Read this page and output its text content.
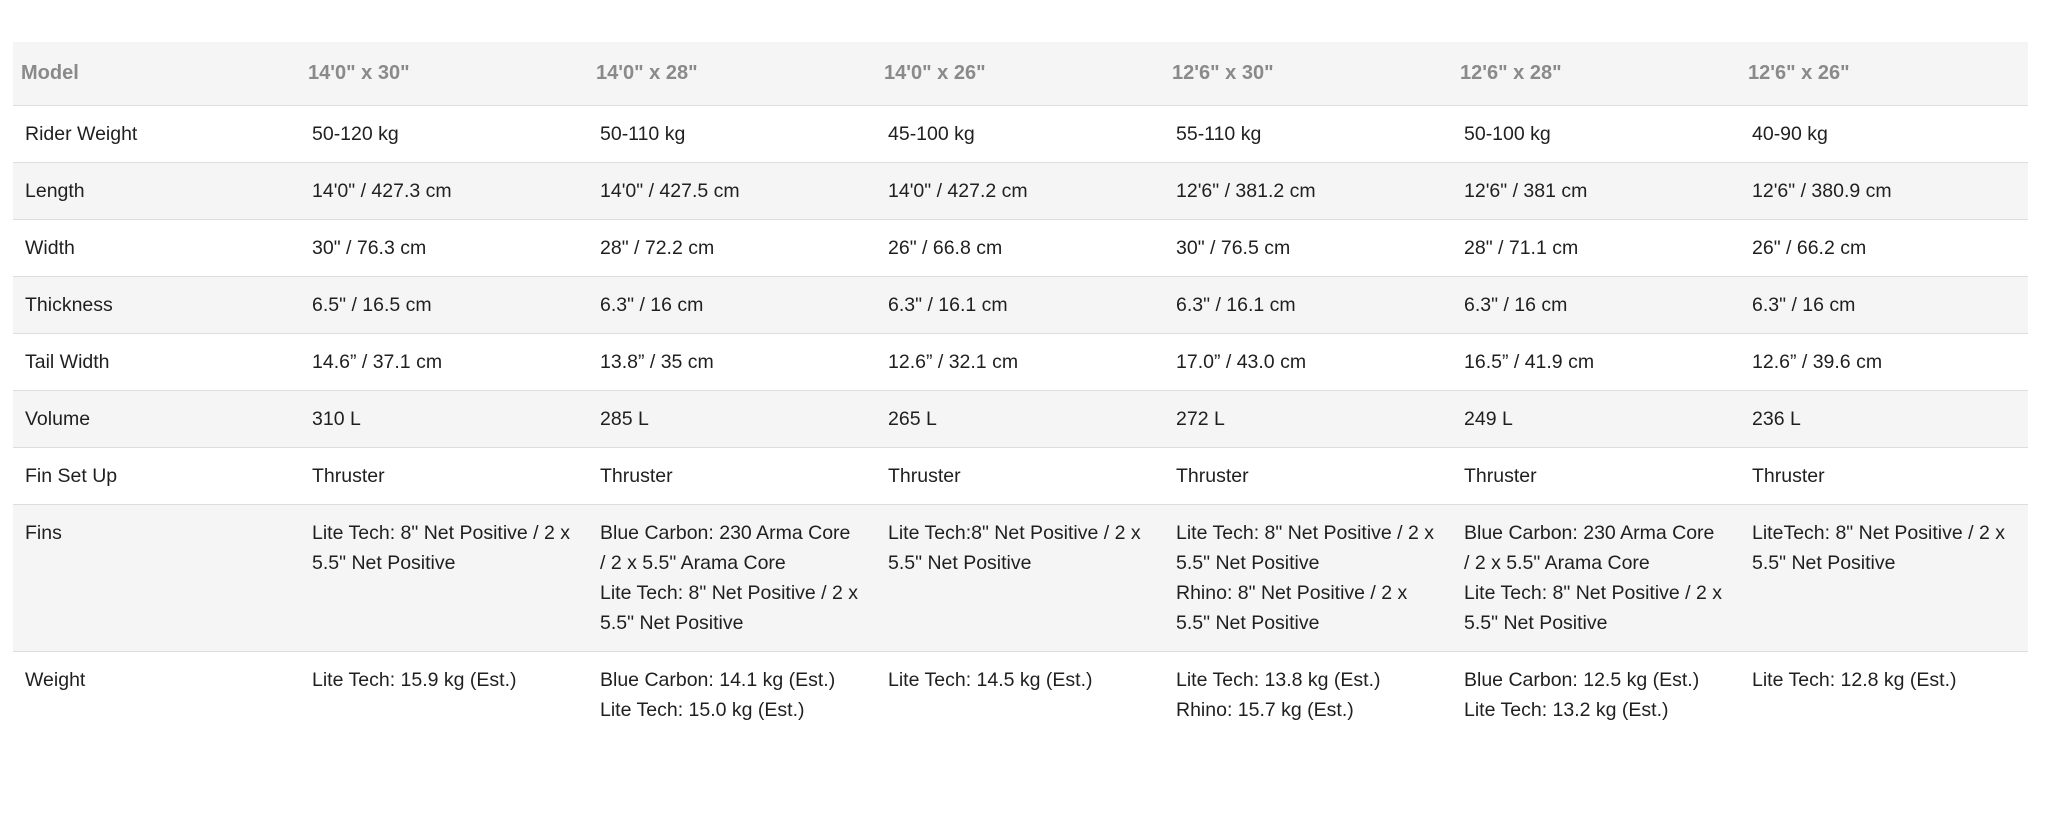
Model	14'0" x 30"	14'0" x 28"	14'0" x 26"	12'6" x 30"	12'6" x 28"	12'6" x 26"
Rider Weight	50-120 kg	50-110 kg	45-100 kg	55-110 kg	50-100 kg	40-90 kg

Length	14'0" / 427.3 cm	14'0" / 427.5 cm	14'0" / 427.2 cm	12'6" / 381.2 cm	12'6" / 381 cm	12'6" / 380.9 cm

Width	30" / 76.3 cm	28" / 72.2 cm	26" / 66.8 cm	30" / 76.5 cm	28" / 71.1 cm	26" / 66.2 cm

Thickness	6.5" / 16.5 cm	6.3" / 16 cm	6.3" / 16.1 cm	6.3" / 16.1 cm	6.3" / 16 cm	6.3" / 16 cm

Tail Width	14.6” / 37.1 cm	13.8” / 35 cm	12.6” / 32.1 cm	17.0” / 43.0 cm	16.5” / 41.9 cm	12.6” / 39.6 cm

Volume	310 L	285 L	265 L	272 L	249 L	236 L

Fin Set Up	Thruster	Thruster	Thruster	Thruster	Thruster	Thruster

Fins	Lite Tech: 8" Net Positive / 2 x
5.5" Net Positive	Blue Carbon: 230 Arma Core
/ 2 x 5.5" Arama Core
Lite Tech: 8" Net Positive / 2 x
5.5" Net Positive	Lite Tech:8" Net Positive / 2 x
5.5" Net Positive	Lite Tech: 8" Net Positive / 2 x
5.5" Net Positive
Rhino: 8" Net Positive / 2 x
5.5" Net Positive	Blue Carbon: 230 Arma Core
/ 2 x 5.5" Arama Core
Lite Tech: 8" Net Positive / 2 x
5.5" Net Positive	LiteTech: 8" Net Positive / 2 x
5.5" Net Positive

Weight	Lite Tech: 15.9 kg (Est.)	Blue Carbon: 14.1 kg (Est.)
Lite Tech: 15.0 kg (Est.)	Lite Tech: 14.5 kg (Est.)	Lite Tech: 13.8 kg (Est.)
Rhino: 15.7 kg (Est.)	Blue Carbon: 12.5 kg (Est.)
Lite Tech: 13.2 kg (Est.)	Lite Tech: 12.8 kg (Est.)
